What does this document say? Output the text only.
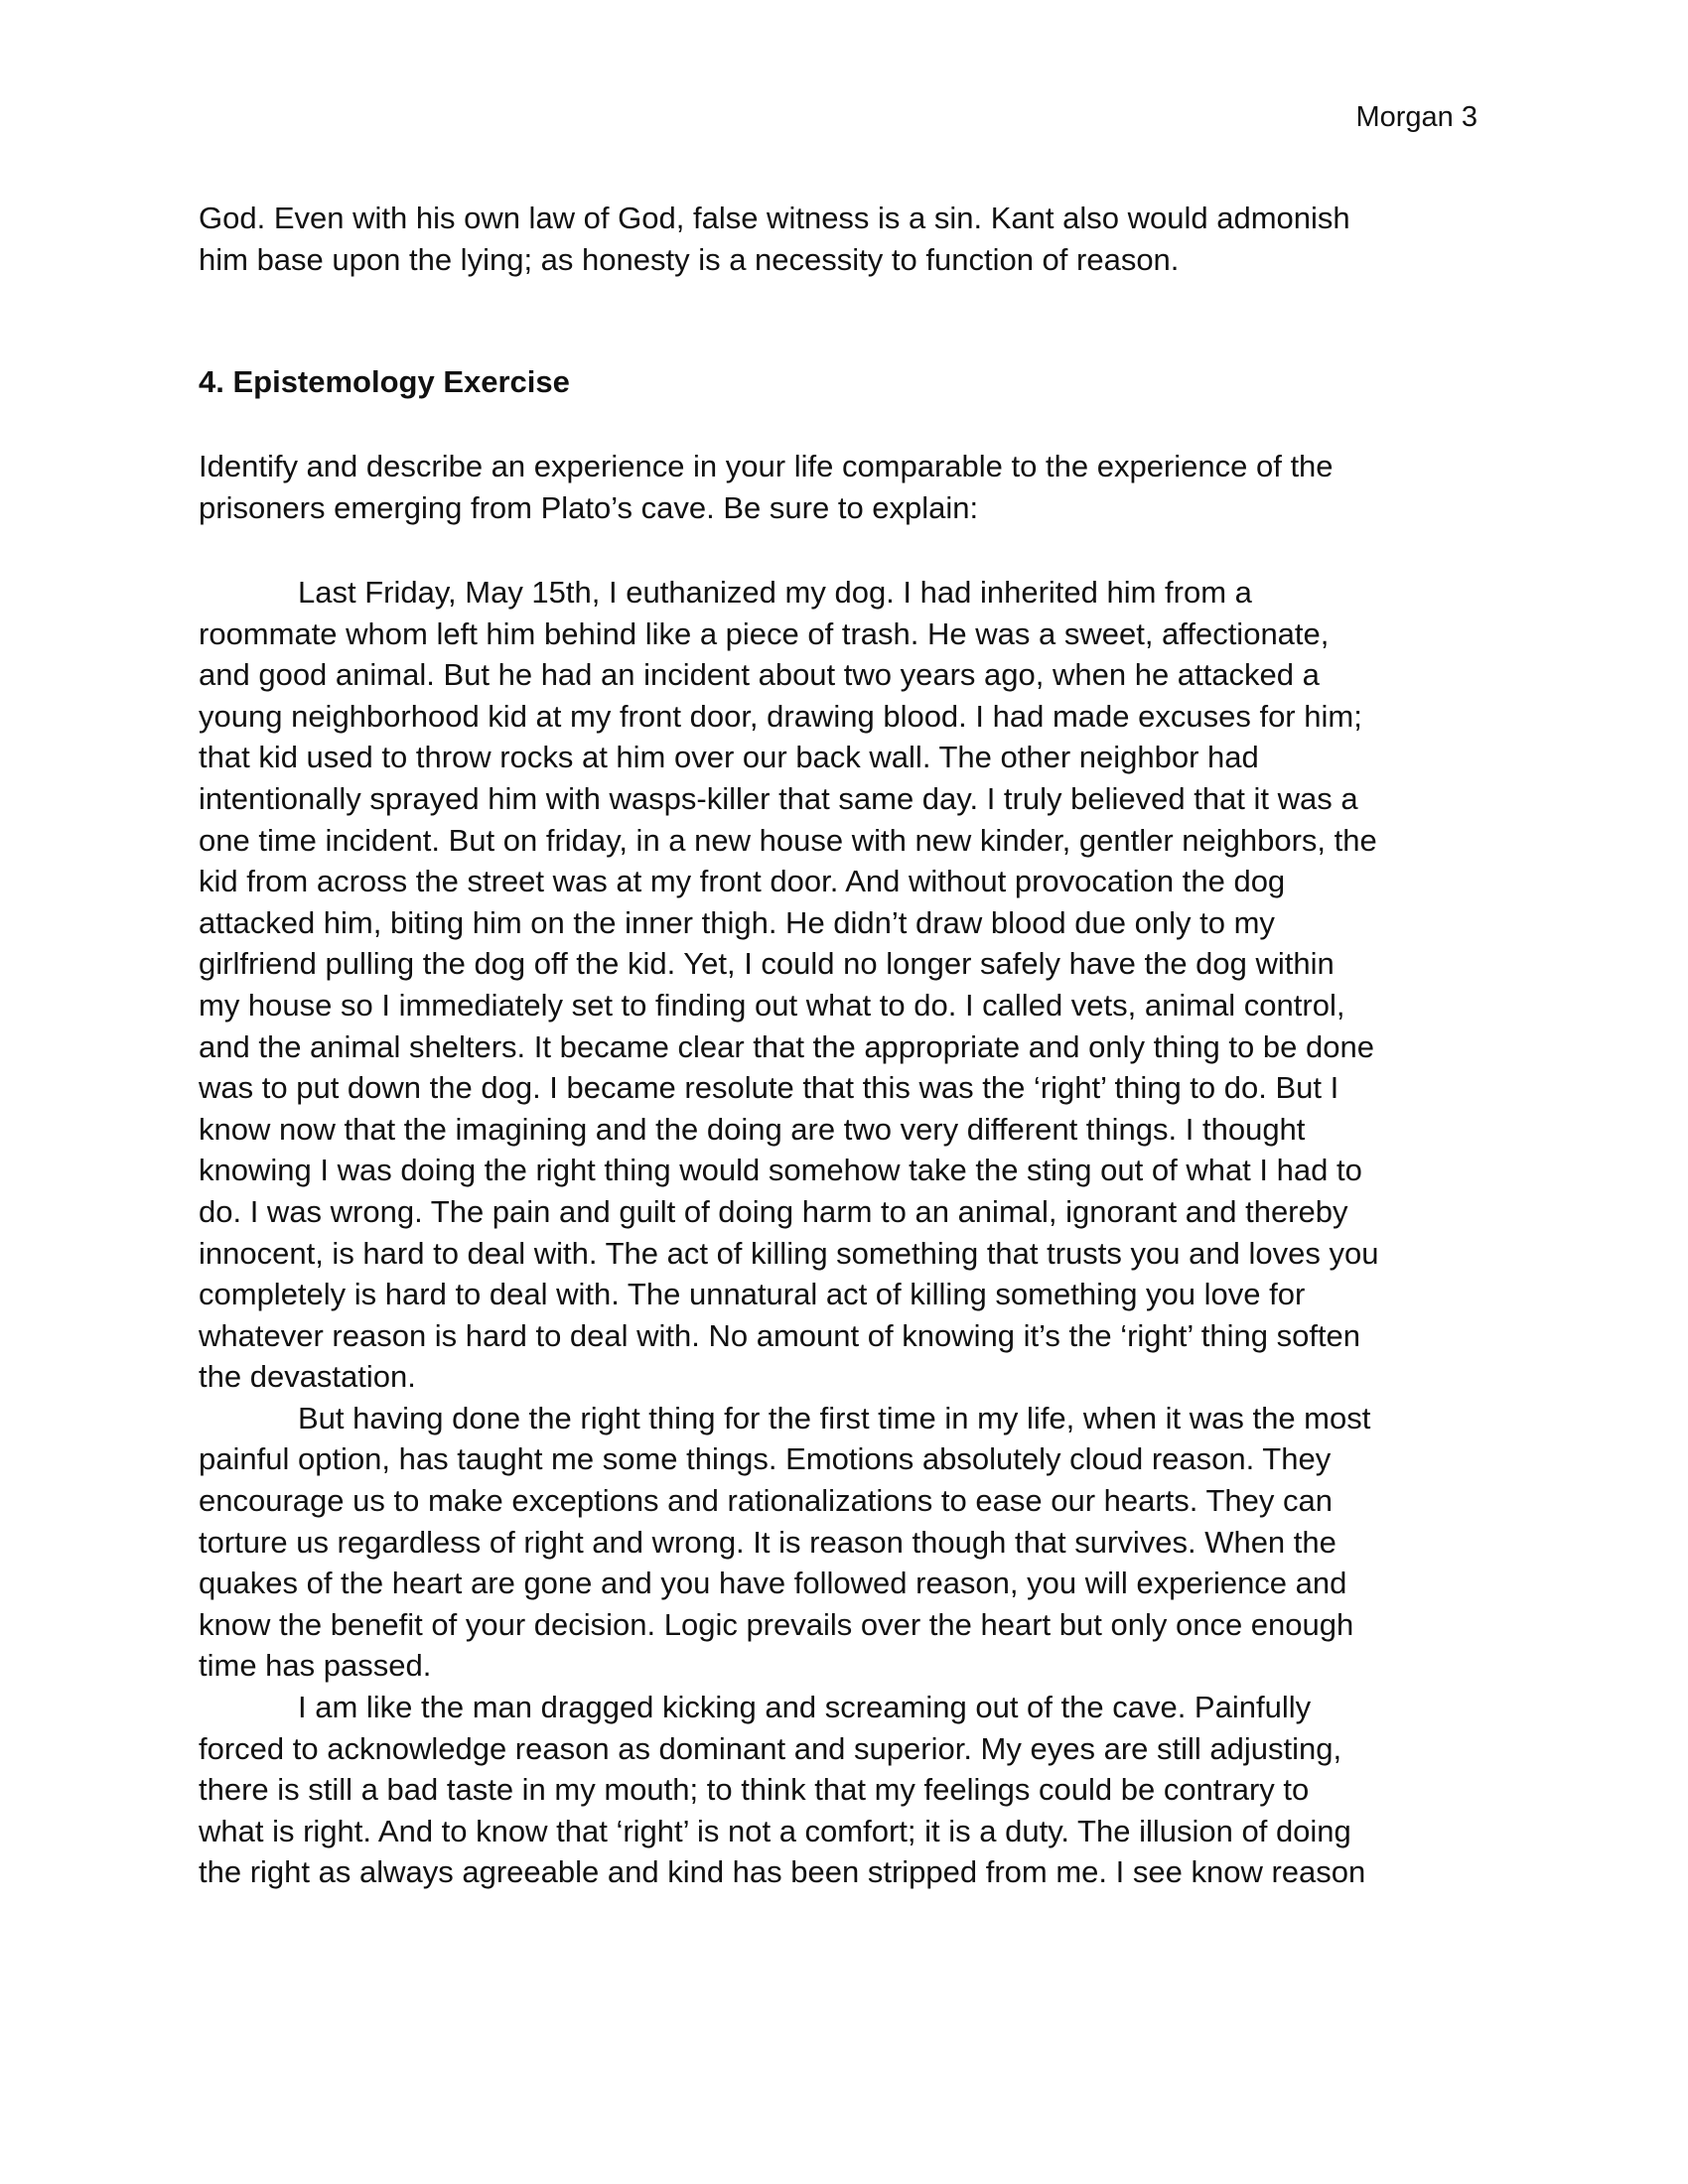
Morgan 3
God. Even with his own law of God, false witness is a sin. Kant also would admonish
him base upon the lying; as honesty is a necessity to function of reason.
4. Epistemology Exercise
Identify and describe an experience in your life comparable to the experience of the
prisoners emerging from Plato’s cave. Be sure to explain:
Last Friday, May 15th, I euthanized my dog. I had inherited him from a
roommate whom left him behind like a piece of trash. He was a sweet, affectionate,
and good animal. But he had an incident about two years ago, when he attacked a
young neighborhood kid at my front door, drawing blood. I had made excuses for him;
that kid used to throw rocks at him over our back wall. The other neighbor had
intentionally sprayed him with wasps-killer that same day. I truly believed that it was a
one time incident. But on friday, in a new house with new kinder, gentler neighbors, the
kid from across the street was at my front door. And without provocation the dog
attacked him, biting him on the inner thigh. He didn’t draw blood due only to my
girlfriend pulling the dog off the kid. Yet, I could no longer safely have the dog within
my house so I immediately set to finding out what to do. I called vets, animal control,
and the animal shelters. It became clear that the appropriate and only thing to be done
was to put down the dog. I became resolute that this was the ‘right’ thing to do. But I
know now that the imagining and the doing are two very different things. I thought
knowing I was doing the right thing would somehow take the sting out of what I had to
do. I was wrong. The pain and guilt of doing harm to an animal, ignorant and thereby
innocent, is hard to deal with. The act of killing something that trusts you and loves you
completely is hard to deal with. The unnatural act of killing something you love for
whatever reason is hard to deal with. No amount of knowing it’s the ‘right’ thing soften
the devastation.
But having done the right thing for the first time in my life, when it was the most
painful option, has taught me some things. Emotions absolutely cloud reason. They
encourage us to make exceptions and rationalizations to ease our hearts. They can
torture us regardless of right and wrong. It is reason though that survives. When the
quakes of the heart are gone and you have followed reason, you will experience and
know the benefit of your decision. Logic prevails over the heart but only once enough
time has passed.
I am like the man dragged kicking and screaming out of the cave. Painfully
forced to acknowledge reason as dominant and superior. My eyes are still adjusting,
there is still a bad taste in my mouth; to think that my feelings could be contrary to
what is right. And to know that ‘right’ is not a comfort; it is a duty. The illusion of doing
the right as always agreeable and kind has been stripped from me. I see know reason
